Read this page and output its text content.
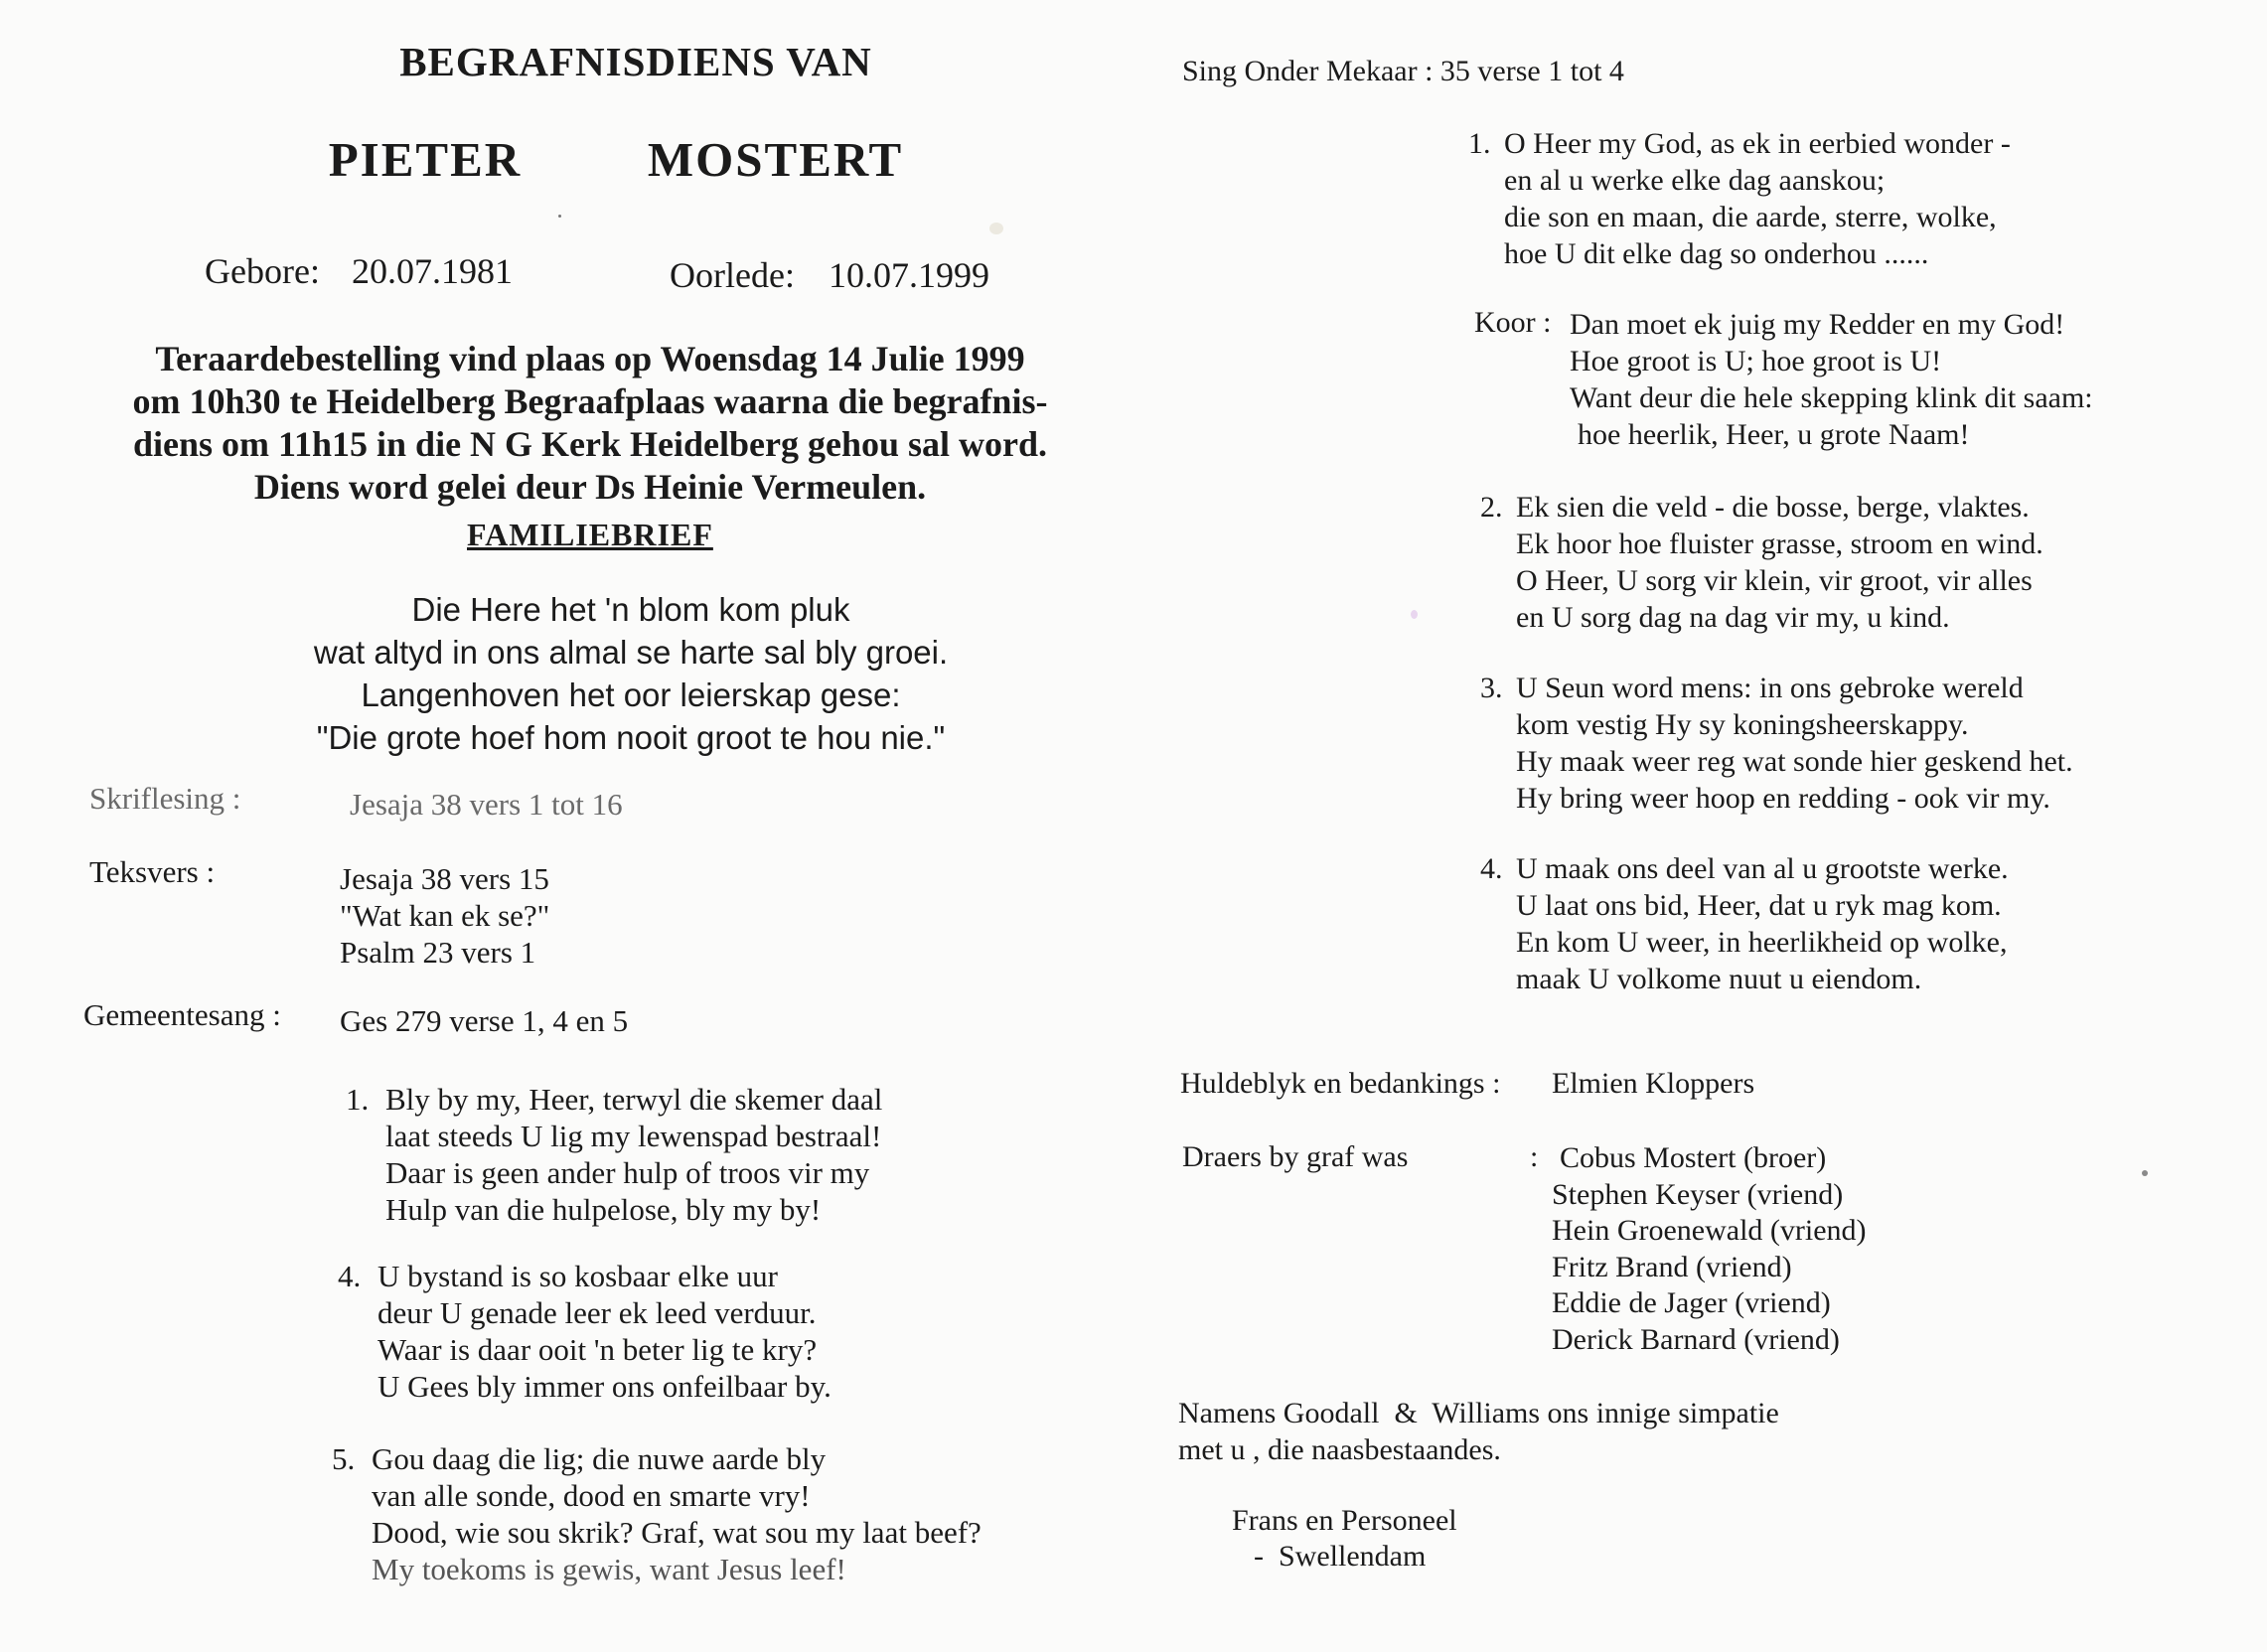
BEGRAFNISDIENS VAN
PIETER   MOSTERT
Gebore: 20.07.1981	Oorlede: 10.07.1999
Teraardebestelling vind plaas op Woensdag 14 Julie 1999
om 10h30 te Heidelberg Begraafplaas waarna die begrafnis-
diens om 11h15 in die N G Kerk Heidelberg gehou sal word.
Diens word gelei deur Ds Heinie Vermeulen.
FAMILIEBRIEF
Die Here het 'n blom kom pluk
wat altyd in ons almal se harte sal bly groei.
Langenhoven het oor leierskap gese:
"Die grote hoef hom nooit groot te hou nie."
Skriflesing :	Jesaja 38 vers 1 tot 16
Teksvers :	Jesaja 38 vers 15
"Wat kan ek se?"
Psalm 23 vers 1
Gemeentesang : Ges 279 verse 1, 4 en 5
1. Bly by my, Heer, terwyl die skemer daal
laat steeds U lig my lewenspad bestraal!
Daar is geen ander hulp of troos vir my
Hulp van die hulpelose, bly my by!
4. U bystand is so kosbaar elke uur
deur U genade leer ek leed verduur.
Waar is daar ooit 'n beter lig te kry?
U Gees bly immer ons onfeilbaar by.
5. Gou daag die lig; die nuwe aarde bly
van alle sonde, dood en smarte vry!
Dood, wie sou skrik? Graf, wat sou my laat beef?
My toekoms is gewis, want Jesus leef!
Sing Onder Mekaar : 35 verse 1 tot 4
1. O Heer my God, as ek in eerbied wonder -
en al u werke elke dag aanskou;
die son en maan, die aarde, sterre, wolke,
hoe U dit elke dag so onderhou ......
Koor : Dan moet ek juig my Redder en my God!
Hoe groot is U; hoe groot is U!
Want deur die hele skepping klink dit saam:
hoe heerlik, Heer, u grote Naam!
2. Ek sien die veld - die bosse, berge, vlaktes.
Ek hoor hoe fluister grasse, stroom en wind.
O Heer, U sorg vir klein, vir groot, vir alles
en U sorg dag na dag vir my, u kind.
3. U Seun word mens: in ons gebroke wereld
kom vestig Hy sy koningsheerskappy.
Hy maak weer reg wat sonde hier geskend het.
Hy bring weer hoop en redding - ook vir my.
4. U maak ons deel van al u grootste werke.
U laat ons bid, Heer, dat u ryk mag kom.
En kom U weer, in heerlikheid op wolke,
maak U volkome nuut u eiendom.
Huldeblyk en bedankings : Elmien Kloppers
Draers by graf was	: Cobus Mostert (broer)
Stephen Keyser (vriend)
Hein Groenewald (vriend)
Fritz Brand (vriend)
Eddie de Jager (vriend)
Derick Barnard (vriend)
Namens Goodall  &  Williams ons innige simpatie
met u , die naasbestaandes.
Frans en Personeel
-  Swellendam
